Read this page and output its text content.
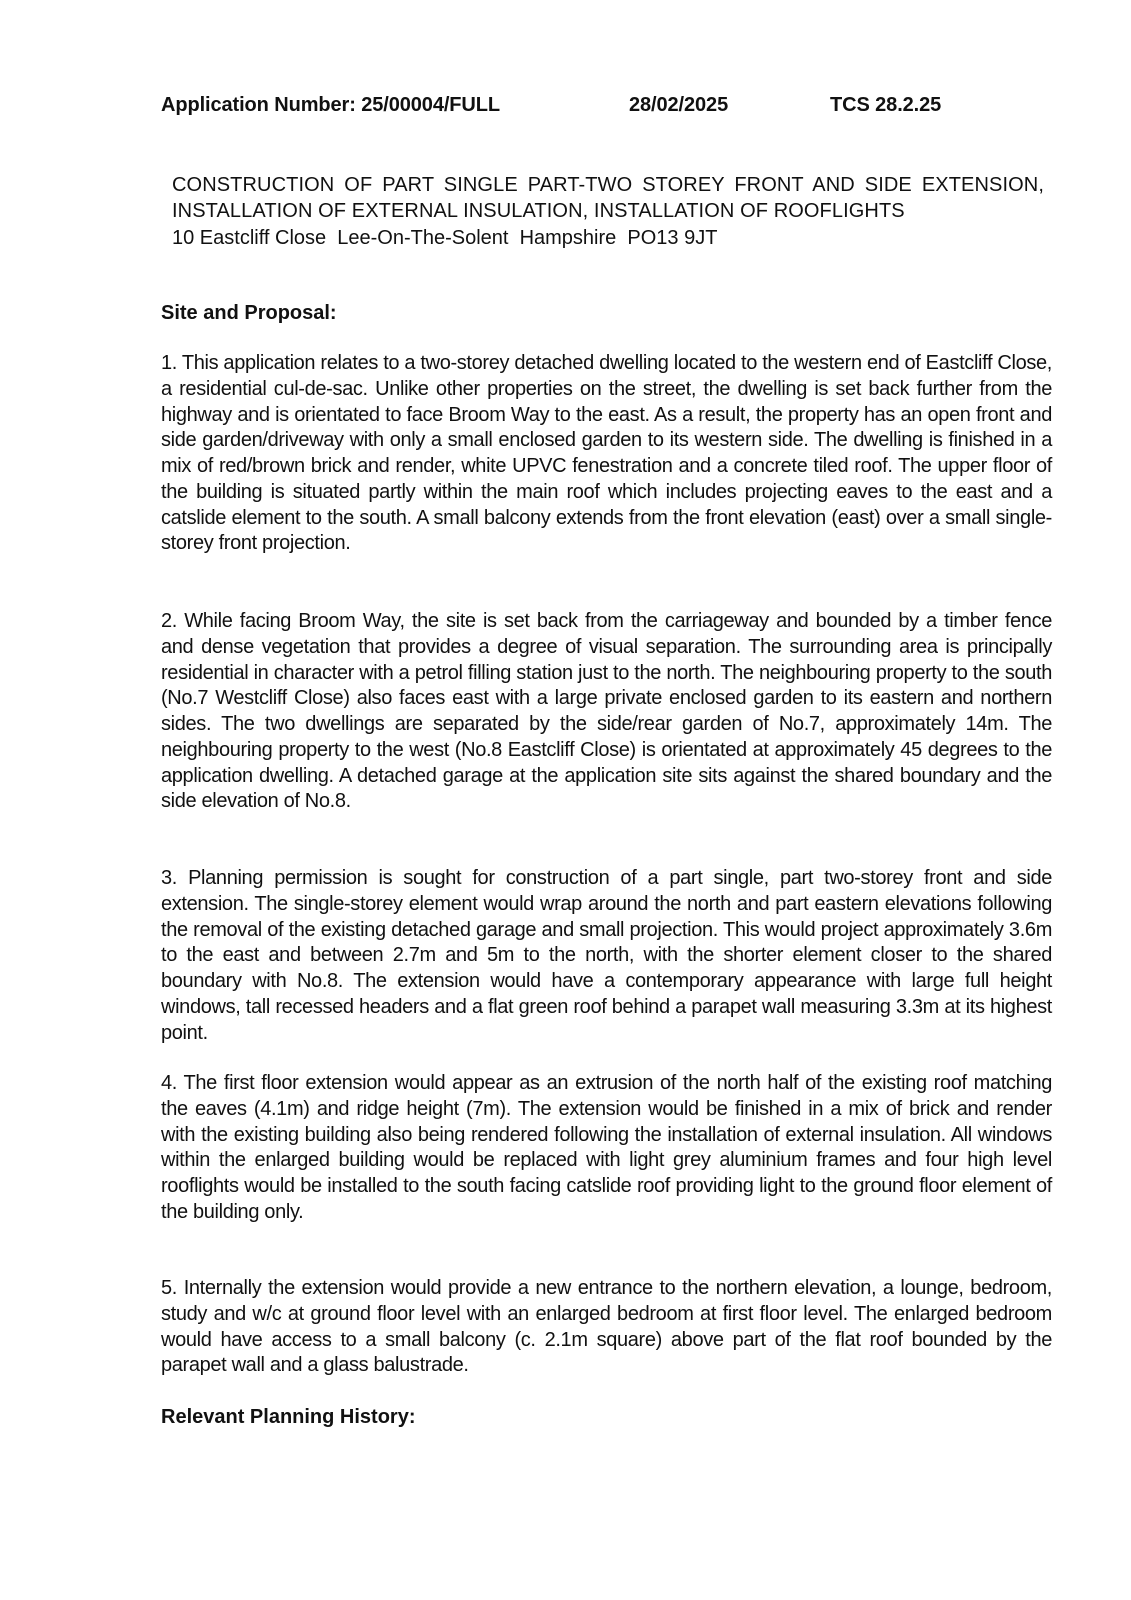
Application Number: 25/00004/FULL	28/02/2025	TCS 28.2.25
CONSTRUCTION OF PART SINGLE PART-TWO STOREY FRONT AND SIDE EXTENSION, INSTALLATION OF EXTERNAL INSULATION, INSTALLATION OF ROOFLIGHTS
10 Eastcliff Close  Lee-On-The-Solent  Hampshire  PO13 9JT
Site and Proposal:

1. This application relates to a two-storey detached dwelling located to the western end of Eastcliff Close, a residential cul-de-sac. Unlike other properties on the street, the dwelling is set back further from the highway and is orientated to face Broom Way to the east. As a result, the property has an open front and side garden/driveway with only a small enclosed garden to its western side. The dwelling is finished in a mix of red/brown brick and render, white UPVC fenestration and a concrete tiled roof. The upper floor of the building is situated partly within the main roof which includes projecting eaves to the east and a catslide element to the south. A small balcony extends from the front elevation (east) over a small single-storey front projection.

2. While facing Broom Way, the site is set back from the carriageway and bounded by a timber fence and dense vegetation that provides a degree of visual separation. The surrounding area is principally residential in character with a petrol filling station just to the north. The neighbouring property to the south (No.7 Westcliff Close) also faces east with a large private enclosed garden to its eastern and northern sides. The two dwellings are separated by the side/rear garden of No.7, approximately 14m. The neighbouring property to the west (No.8 Eastcliff Close) is orientated at approximately 45 degrees to the application dwelling. A detached garage at the application site sits against the shared boundary and the side elevation of No.8.

3. Planning permission is sought for construction of a part single, part two-storey front and side extension. The single-storey element would wrap around the north and part eastern elevations following the removal of the existing detached garage and small projection. This would project approximately 3.6m to the east and between 2.7m and 5m to the north, with the shorter element closer to the shared boundary with No.8. The extension would have a contemporary appearance with large full height windows, tall recessed headers and a flat green roof behind a parapet wall measuring 3.3m at its highest point.

4. The first floor extension would appear as an extrusion of the north half of the existing roof matching the eaves (4.1m) and ridge height (7m). The extension would be finished in a mix of brick and render with the existing building also being rendered following the installation of external insulation. All windows within the enlarged building would be replaced with light grey aluminium frames and four high level rooflights would be installed to the south facing catslide roof providing light to the ground floor element of the building only.

5. Internally the extension would provide a new entrance to the northern elevation, a lounge, bedroom, study and w/c at ground floor level with an enlarged bedroom at first floor level. The enlarged bedroom would have access to a small balcony (c. 2.1m square) above part of the flat roof bounded by the parapet wall and a glass balustrade.

Relevant Planning History:
